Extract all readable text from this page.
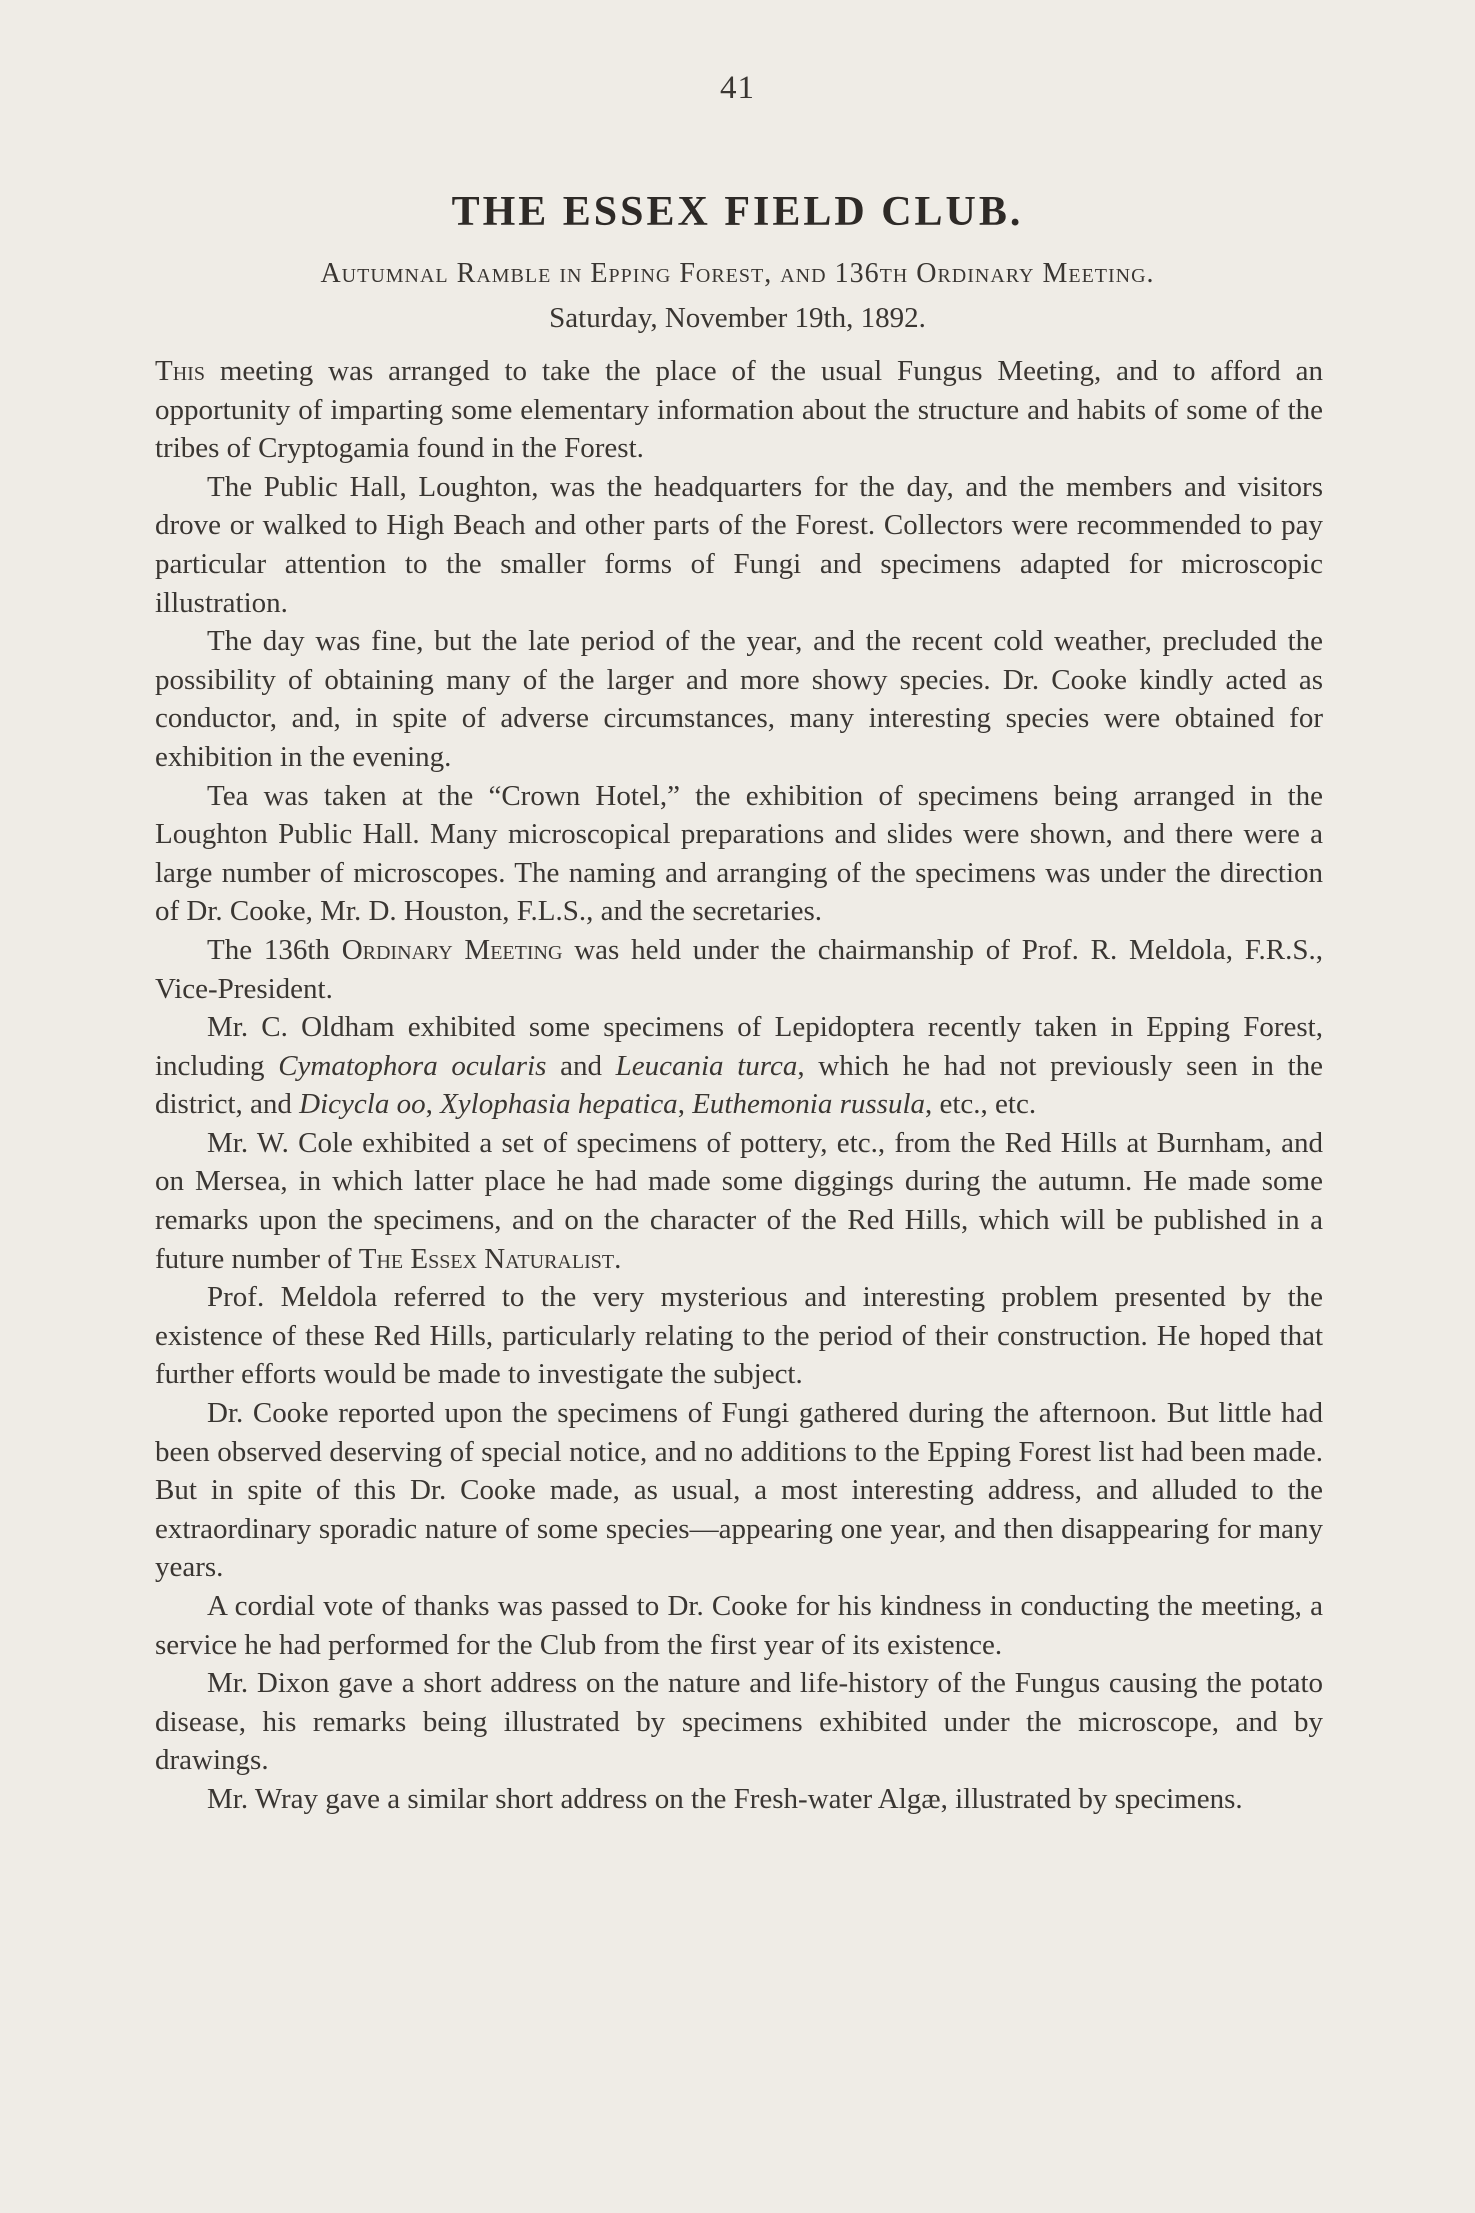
41
THE ESSEX FIELD CLUB.
Autumnal Ramble in Epping Forest, and 136th Ordinary Meeting.
Saturday, November 19th, 1892.

This meeting was arranged to take the place of the usual Fungus Meeting, and to afford an opportunity of imparting some elementary information about the structure and habits of some of the tribes of Cryptogamia found in the Forest.

The Public Hall, Loughton, was the headquarters for the day, and the members and visitors drove or walked to High Beach and other parts of the Forest. Collectors were recommended to pay particular attention to the smaller forms of Fungi and specimens adapted for microscopic illustration.

The day was fine, but the late period of the year, and the recent cold weather, precluded the possibility of obtaining many of the larger and more showy species. Dr. Cooke kindly acted as conductor, and, in spite of adverse circumstances, many interesting species were obtained for exhibition in the evening.

Tea was taken at the “Crown Hotel,” the exhibition of specimens being arranged in the Loughton Public Hall. Many microscopical preparations and slides were shown, and there were a large number of microscopes. The naming and arranging of the specimens was under the direction of Dr. Cooke, Mr. D. Houston, F.L.S., and the secretaries.

The 136th Ordinary Meeting was held under the chairmanship of Prof. R. Meldola, F.R.S., Vice-President.

Mr. C. Oldham exhibited some specimens of Lepidoptera recently taken in Epping Forest, including Cymatophora ocularis and Leucania turca, which he had not previously seen in the district, and Dicycla oo, Xylophasia hepatica, Euthemonia russula, etc., etc.

Mr. W. Cole exhibited a set of specimens of pottery, etc., from the Red Hills at Burnham, and on Mersea, in which latter place he had made some diggings during the autumn. He made some remarks upon the specimens, and on the character of the Red Hills, which will be published in a future number of The Essex Naturalist.

Prof. Meldola referred to the very mysterious and interesting problem presented by the existence of these Red Hills, particularly relating to the period of their construction. He hoped that further efforts would be made to investigate the subject.

Dr. Cooke reported upon the specimens of Fungi gathered during the afternoon. But little had been observed deserving of special notice, and no additions to the Epping Forest list had been made. But in spite of this Dr. Cooke made, as usual, a most interesting address, and alluded to the extraordinary sporadic nature of some species—appearing one year, and then disappearing for many years.

A cordial vote of thanks was passed to Dr. Cooke for his kindness in conducting the meeting, a service he had performed for the Club from the first year of its existence.

Mr. Dixon gave a short address on the nature and life-history of the Fungus causing the potato disease, his remarks being illustrated by specimens exhibited under the microscope, and by drawings.

Mr. Wray gave a similar short address on the Fresh-water Algæ, illustrated by specimens.
